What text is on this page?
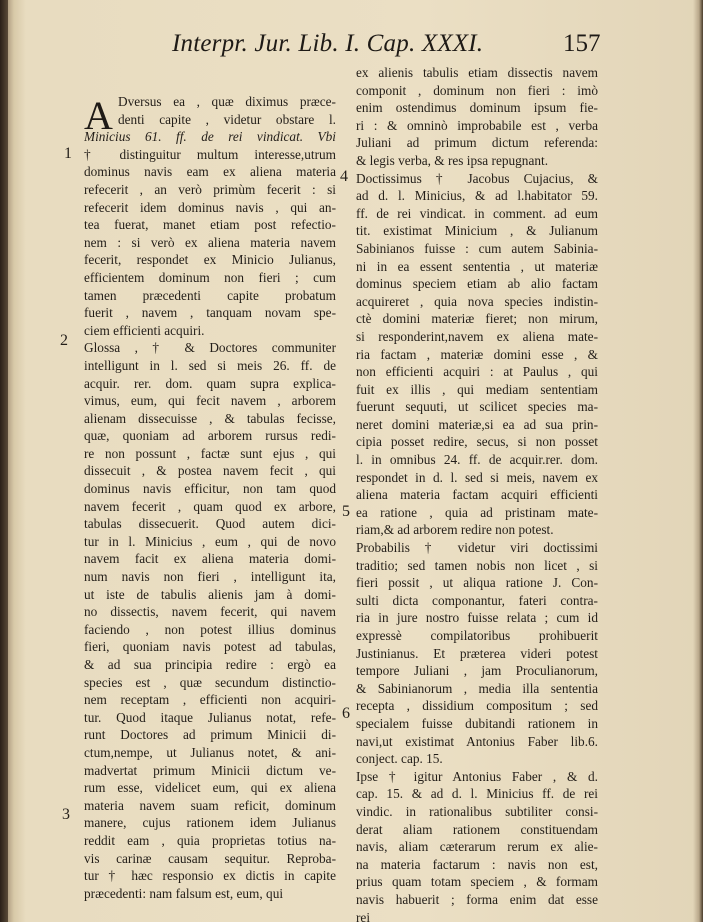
Interpr. Jur. Lib. I. Cap. XXXI.	157
A Dversus ea , quæ diximus præce-
denti capite , videtur obstare l.
Minicius 61. ff. de rei vindicat. Vbi
† distinguitur multum interesse,utrum
dominus navis eam ex aliena materia
refecerit , an verò primùm fecerit : si
refecerit idem dominus navis , qui an-
tea fuerat, manet etiam post refectio-
nem : si verò ex aliena materia navem
fecerit, respondet ex Minicio Julianus,
efficientem dominum non fieri ; cum
tamen præcedenti capite probatum
fuerit , navem , tanquam novam spe-
ciem efficienti acquiri.
Glossa , † & Doctores communiter
intelligunt in l. sed si meis 26. ff. de
acquir. rer. dom. quam supra explica-
vimus, eum, qui fecit navem , arborem
alienam dissecuisse , & tabulas fecisse,
quæ, quoniam ad arborem rursus redi-
re non possunt , factæ sunt ejus , qui
dissecuit , & postea navem fecit , qui
dominus navis efficitur, non tam quod
navem fecerit , quam quod ex arbore,
tabulas dissecuerit. Quod autem dici-
tur in l. Minicius , eum , qui de novo
navem facit ex aliena materia domi-
num navis non fieri , intelligunt ita,
ut iste de tabulis alienis jam à domi-
no dissectis, navem fecerit, qui navem
faciendo , non potest illius dominus
fieri, quoniam navis potest ad tabulas,
& ad sua principia redire : ergò ea
species est , quæ secundum distinctio-
nem receptam , efficienti non acquiri-
tur. Quod itaque Julianus notat, refe-
runt Doctores ad primum Minicii di-
ctum,nempe, ut Julianus notet, & ani-
madvertat primum Minicii dictum ve-
rum esse, videlicet eum, qui ex aliena
materia navem suam reficit, dominum
manere, cujus rationem idem Julianus
reddit eam , quia proprietas totius na-
vis carinæ causam sequitur. Reproba-
tur † hæc responsio ex dictis in capite
præcedenti: nam falsum est, eum, qui
ex alienis tabulis etiam dissectis navem
componit , dominum non fieri : imò
enim ostendimus dominum ipsum fie-
ri : & omninò improbabile est , verba
Juliani ad primum dictum referenda:
& legis verba, & res ipsa repugnant.
Doctissimus † Jacobus Cujacius, &
ad d. l. Minicius, & ad l.habitator 59.
ff. de rei vindicat. in comment. ad eum
tit. existimat Minicium , & Julianum
Sabinianos fuisse : cum autem Sabinia-
ni in ea essent sententia , ut materiæ
dominus speciem etiam ab alio factam
acquireret , quia nova species indistin-
ctè domini materiæ fieret; non mirum,
si responderint,navem ex aliena mate-
ria factam , materiæ domini esse , &
non efficienti acquiri : at Paulus , qui
fuit ex illis , qui mediam sententiam
fuerunt sequuti, ut scilicet species ma-
neret domini materiæ,si ea ad sua prin-
cipia posset redire, secus, si non posset
l. in omnibus 24. ff. de acquir.rer. dom.
respondet in d. l. sed si meis, navem ex
aliena materia factam acquiri efficienti
ea ratione , quia ad pristinam mate-
riam,& ad arborem redire non potest.
Probabilis † videtur viri doctissimi
traditio; sed tamen nobis non licet , si
fieri possit , ut aliqua ratione J. Con-
sulti dicta componantur, fateri contra-
ria in jure nostro fuisse relata ; cum id
expressè compilatoribus prohibuerit
Justinianus. Et præterea videri potest
tempore Juliani , jam Proculianorum,
& Sabinianorum , media illa sententia
recepta , dissidium compositum ; sed
specialem fuisse dubitandi rationem in
navi,ut existimat Antonius Faber lib.6.
conject. cap. 15.
Ipse † igitur Antonius Faber , & d.
cap. 15. & ad d. l. Minicius ff. de rei
vindic. in rationalibus subtiliter consi-
derat aliam rationem constituendam
navis, aliam cæterarum rerum ex alie-
na materia factarum : navis non est,
prius quam totam speciem , & formam
navis habuerit ; forma enim dat esse
rei
1
2
3
4
5
6
